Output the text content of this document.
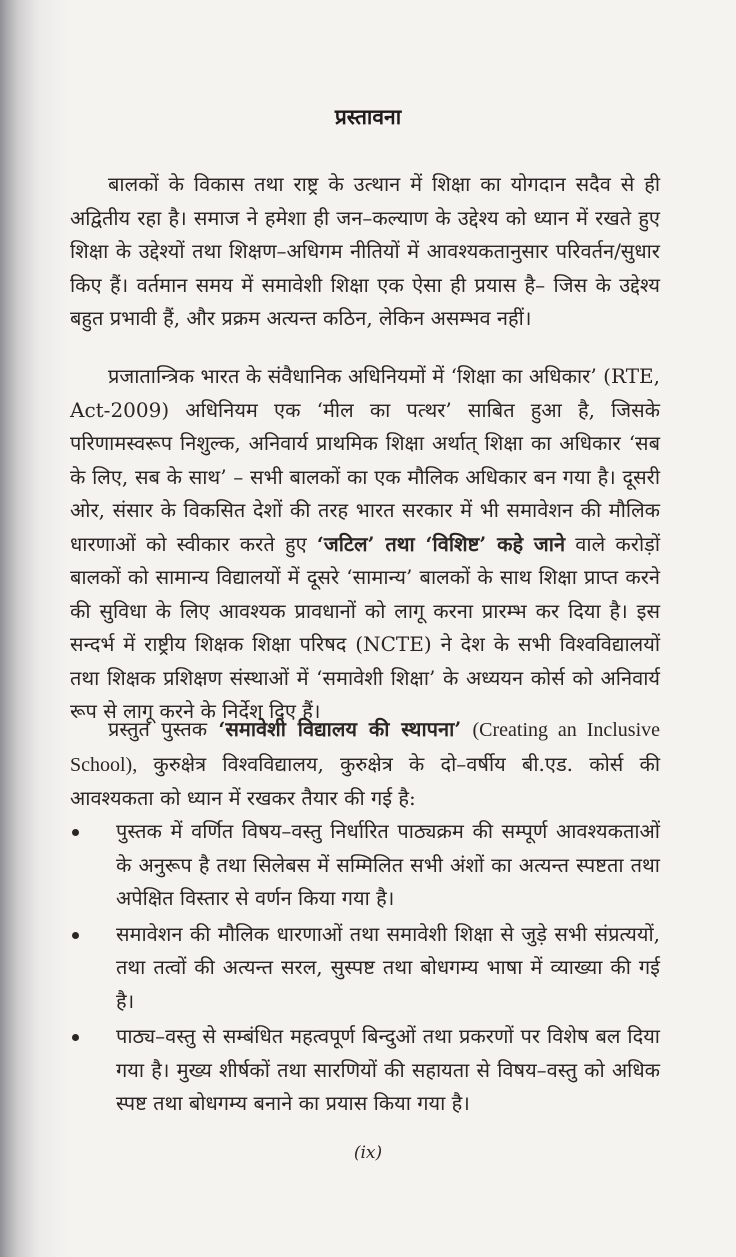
प्रस्तावना

बालकों के विकास तथा राष्ट्र के उत्थान में शिक्षा का योगदान सदैव से ही अद्वितीय रहा है। समाज ने हमेशा ही जन–कल्याण के उद्देश्य को ध्यान में रखते हुए शिक्षा के उद्देश्यों तथा शिक्षण–अधिगम नीतियों में आवश्यकतानुसार परिवर्तन/सुधार किए हैं। वर्तमान समय में समावेशी शिक्षा एक ऐसा ही प्रयास है– जिस के उद्देश्य बहुत प्रभावी हैं, और प्रक्रम अत्यन्त कठिन, लेकिन असम्भव नहीं।

प्रजातान्त्रिक भारत के संवैधानिक अधिनियमों में ‘शिक्षा का अधिकार’ (RTE, Act-2009) अधिनियम एक ‘मील का पत्थर’ साबित हुआ है, जिसके परिणामस्वरूप निशुल्क, अनिवार्य प्राथमिक शिक्षा अर्थात् शिक्षा का अधिकार ‘सब के लिए, सब के साथ’ – सभी बालकों का एक मौलिक अधिकार बन गया है। दूसरी ओर, संसार के विकसित देशों की तरह भारत सरकार में भी समावेशन की मौलिक धारणाओं को स्वीकार करते हुए ‘जटिल’ तथा ‘विशिष्ट’ कहे जाने वाले करोड़ों बालकों को सामान्य विद्यालयों में दूसरे ‘सामान्य’ बालकों के साथ शिक्षा प्राप्त करने की सुविधा के लिए आवश्यक प्रावधानों को लागू करना प्रारम्भ कर दिया है। इस सन्दर्भ में राष्ट्रीय शिक्षक शिक्षा परिषद (NCTE) ने देश के सभी विश्वविद्यालयों तथा शिक्षक प्रशिक्षण संस्थाओं में ‘समावेशी शिक्षा’ के अध्ययन कोर्स को अनिवार्य रूप से लागू करने के निर्देश दिए हैं।

प्रस्तुत पुस्तक ‘समावेशी विद्यालय की स्थापना’ (Creating an Inclusive School), कुरुक्षेत्र विश्वविद्यालय, कुरुक्षेत्र के दो–वर्षीय बी.एड. कोर्स की आवश्यकता को ध्यान में रखकर तैयार की गई है:

पुस्तक में वर्णित विषय–वस्तु निर्धारित पाठ्यक्रम की सम्पूर्ण आवश्यकताओं के अनुरूप है तथा सिलेबस में सम्मिलित सभी अंशों का अत्यन्त स्पष्टता तथा अपेक्षित विस्तार से वर्णन किया गया है।
समावेशन की मौलिक धारणाओं तथा समावेशी शिक्षा से जुड़े सभी संप्रत्ययों, तथा तत्वों की अत्यन्त सरल, सुस्पष्ट तथा बोधगम्य भाषा में व्याख्या की गई है।
पाठ्य–वस्तु से सम्बंधित महत्वपूर्ण बिन्दुओं तथा प्रकरणों पर विशेष बल दिया गया है। मुख्य शीर्षकों तथा सारणियों की सहायता से विषय–वस्तु को अधिक स्पष्ट तथा बोधगम्य बनाने का प्रयास किया गया है।
(ix)
